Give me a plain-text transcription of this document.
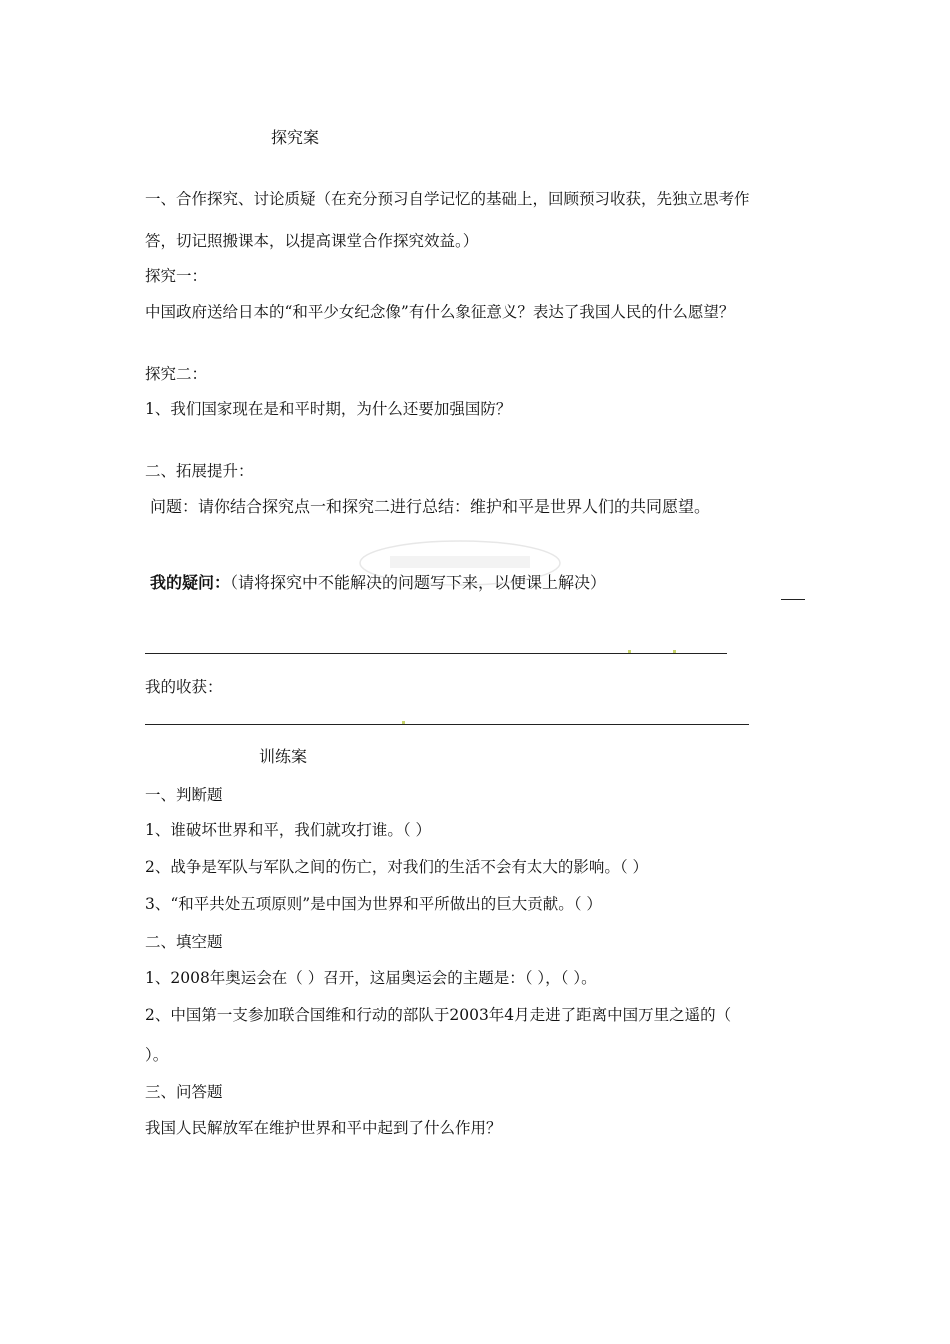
探究案
一、合作探究、讨论质疑（在充分预习自学记忆的基础上，回顾预习收获，先独立思考作
答，切记照搬课本，以提高课堂合作探究效益。）
探究一：
中国政府送给日本的“和平少女纪念像”有什么象征意义？表达了我国人民的什么愿望？
探究二：
1、我们国家现在是和平时期，为什么还要加强国防？
二、拓展提升：
问题：请你结合探究点一和探究二进行总结：维护和平是世界人们的共同愿望。
我的疑问：（请将探究中不能解决的问题写下来，以便课上解决）
我的收获：
训练案
一、判断题
1、谁破坏世界和平，我们就攻打谁。（ ）
2、战争是军队与军队之间的伤亡，对我们的生活不会有太大的影响。（ ）
3、“和平共处五项原则”是中国为世界和平所做出的巨大贡献。（ ）
二、填空题
1、2008年奥运会在（ ）召开，这届奥运会的主题是：（ ），（ ）。
2、中国第一支参加联合国维和行动的部队于2003年4月走进了距离中国万里之遥的（
）。
三、问答题
我国人民解放军在维护世界和平中起到了什么作用？
